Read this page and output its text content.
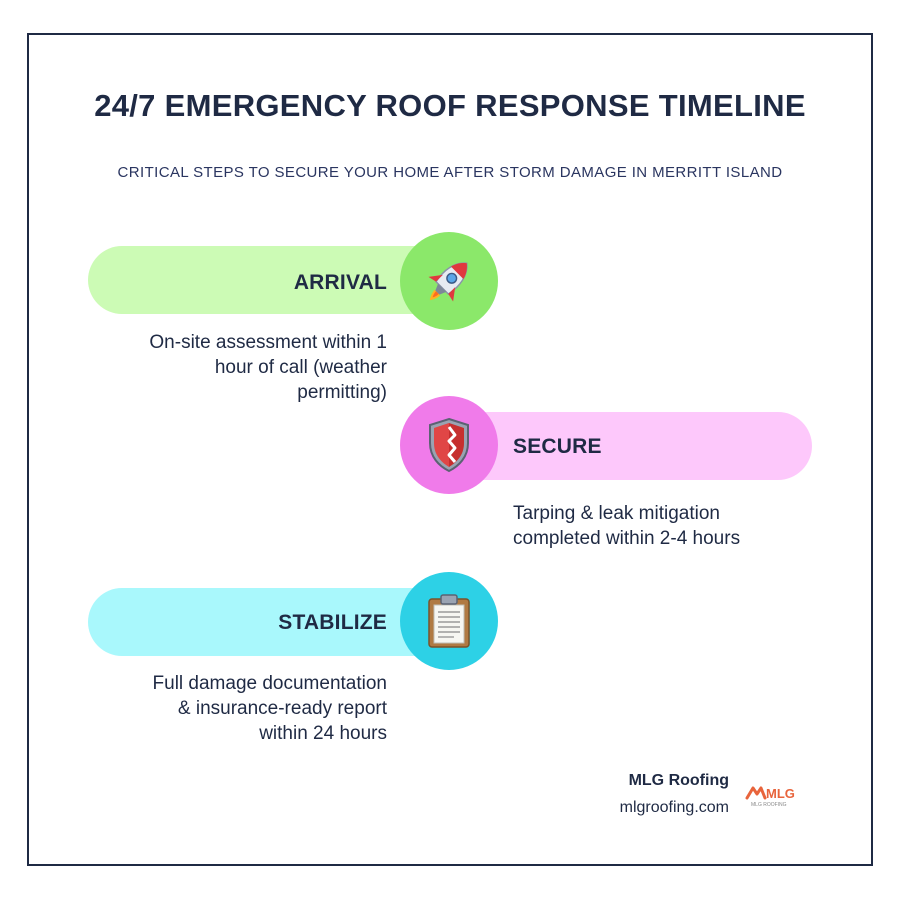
24/7 EMERGENCY ROOF RESPONSE TIMELINE
CRITICAL STEPS TO SECURE YOUR HOME AFTER STORM DAMAGE IN MERRITT ISLAND
ARRIVAL
On-site assessment within 1
hour of call (weather
permitting)
SECURE
Tarping & leak mitigation
completed within 2-4 hours
STABILIZE
Full damage documentation
& insurance-ready report
within 24 hours
MLG Roofing
mlgroofing.com
MLG
MLG ROOFING
